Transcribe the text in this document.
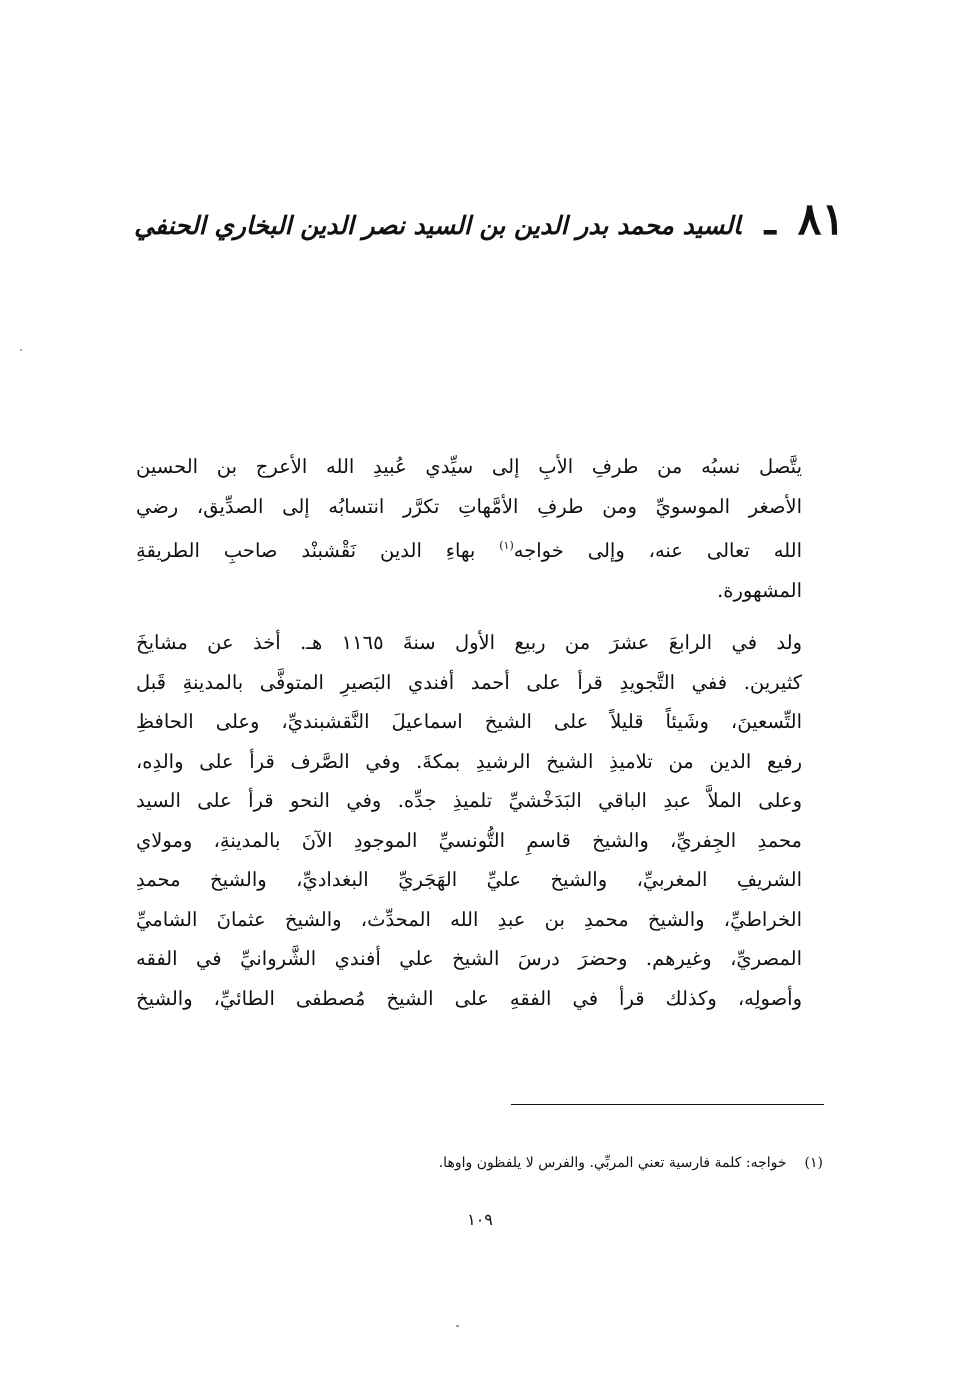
٨١ـالسيد محمد بدر الدين بن السيد نصر الدين البخاري الحنفي

يتَّصل نسبُه من طرفِ الأبِ إلى سيِّدي عُبيدِ الله الأعرج بن الحسين
الأصغر الموسويِّ ومن طرفِ الأمَّهاتِ تكرَّر انتسابُه إلى الصدِّيق، رضي
الله تعالى عنه، وإلى خواجه$^{(١)}$ بهاءِ الدين نَقْشبنْد صاحبِ الطريقةِ
المشهورة.

ولد في الرابعَ عشرَ من ربيع الأول سنةَ ١١٦٥ هـ. أخذ عن مشايخَ
كثيرين. ففي التَّجويدِ قرأ على أحمد أفندي البَصيرِ المتوفَّى بالمدينةِ قَبل
التِّسعينَ، وشَيئاً قليلاً على الشيخ اسماعيلَ النَّقشبنديِّ، وعلى الحافظِ
رفيع الدين من تلاميذِ الشيخ الرشيدِ بمكةَ. وفي الصَّرف قرأ على والدِه،
وعلى الملاَّ عبدِ الباقي البَدَخْشيِّ تلميذِ جدِّه. وفي النحو قرأ على السيد
محمدِ الجِفريِّ، والشيخ قاسمِ التُّونسيِّ الموجودِ الآنَ بالمدينةِ، ومولاي
الشريفِ المغربيِّ، والشيخ عليِّ الهَجَريِّ البغداديِّ، والشيخ محمدِ
الخراطيِّ، والشيخ محمدِ بن عبدِ الله المحدِّث، والشيخ عثمانَ الشاميِّ
المصريِّ، وغيرهم. وحضرَ درسَ الشيخ علي أفندي الشَّروانيِّ في الفقه
وأصولِه، وكذلك قرأ في الفقهِ على الشيخ مُصطفى الطائيِّ، والشيخ

(١)خواجه: كلمة فارسية تعني المربِّي. والفرس لا يلفظون واوها.
١٠٩
